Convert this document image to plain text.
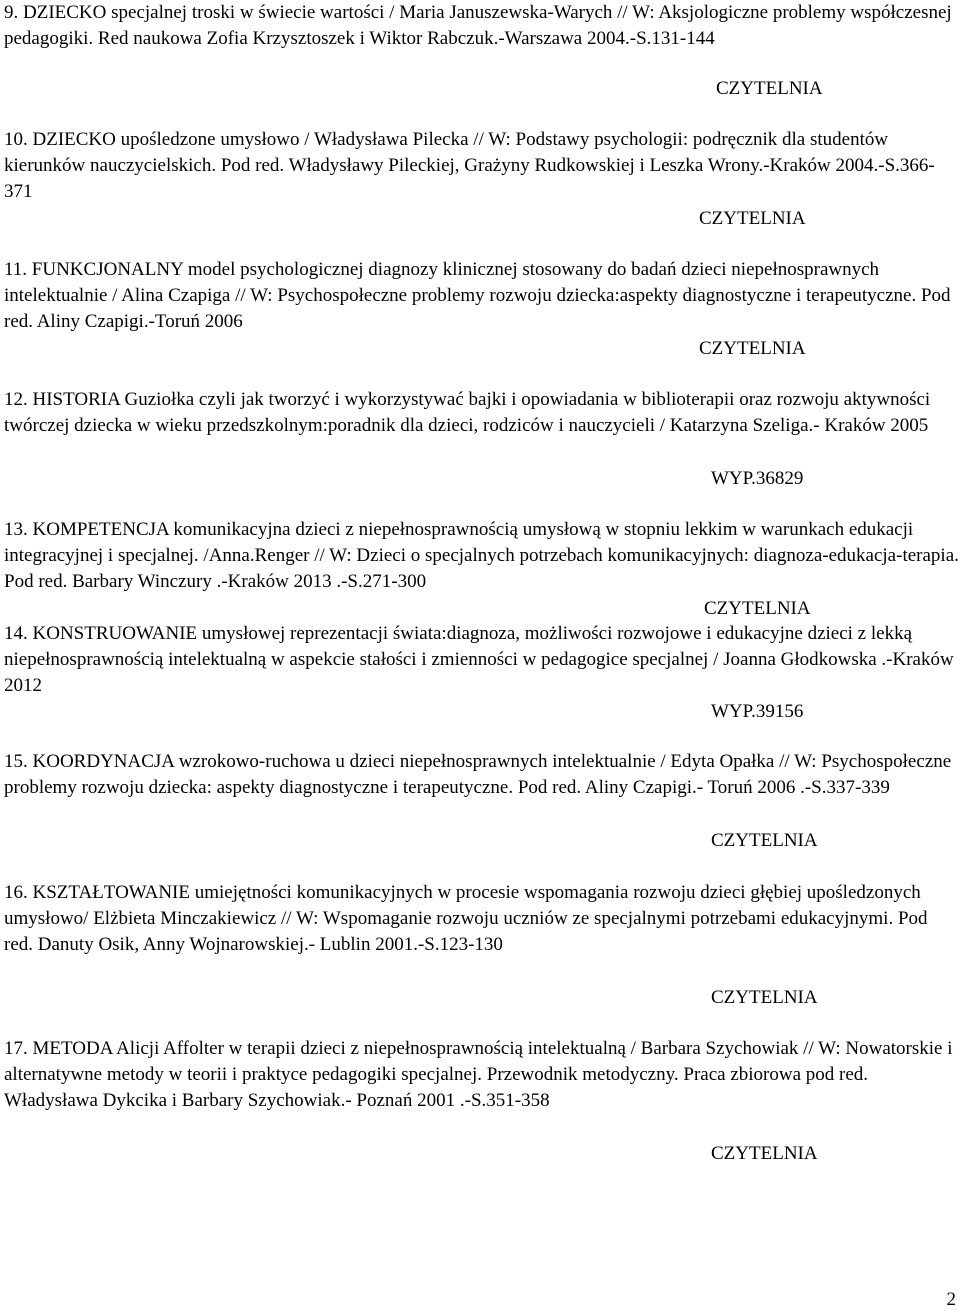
9. DZIECKO specjalnej troski w świecie wartości / Maria Januszewska-Warych // W: Aksjologiczne problemy współczesnej pedagogiki. Red naukowa Zofia Krzysztoszek i Wiktor Rabczuk.-Warszawa 2004.-S.131-144

CZYTELNIA

10. DZIECKO upośledzone umysłowo / Władysława Pilecka // W: Podstawy psychologii: podręcznik dla studentów kierunków nauczycielskich. Pod red. Władysławy Pileckiej, Grażyny Rudkowskiej i Leszka Wrony.-Kraków 2004.-S.366-371

CZYTELNIA

11. FUNKCJONALNY model psychologicznej diagnozy klinicznej stosowany do badań dzieci niepełnosprawnych intelektualnie / Alina Czapiga // W: Psychospołeczne problemy rozwoju dziecka:aspekty diagnostyczne i terapeutyczne. Pod red. Aliny Czapigi.-Toruń 2006

CZYTELNIA

12. HISTORIA Guziołka czyli jak tworzyć i wykorzystywać bajki i opowiadania w biblioterapii oraz rozwoju aktywności twórczej dziecka w wieku przedszkolnym:poradnik dla dzieci, rodziców i nauczycieli / Katarzyna Szeliga.- Kraków 2005

WYP.36829

13. KOMPETENCJA komunikacyjna dzieci z niepełnosprawnością umysłową w stopniu lekkim w warunkach edukacji integracyjnej i specjalnej. /Anna.Renger // W: Dzieci o specjalnych potrzebach komunikacyjnych: diagnoza-edukacja-terapia. Pod red. Barbary Winczury .-Kraków 2013 .-S.271-300

CZYTELNIA

14. KONSTRUOWANIE umysłowej reprezentacji świata:diagnoza, możliwości rozwojowe i edukacyjne dzieci z lekką niepełnosprawnością intelektualną w aspekcie stałości i zmienności w pedagogice specjalnej / Joanna Głodkowska .-Kraków 2012

WYP.39156

15. KOORDYNACJA wzrokowo-ruchowa u dzieci niepełnosprawnych intelektualnie / Edyta Opałka // W: Psychospołeczne problemy rozwoju dziecka: aspekty diagnostyczne i terapeutyczne. Pod red. Aliny Czapigi.- Toruń 2006 .-S.337-339

CZYTELNIA

16. KSZTAŁTOWANIE umiejętności komunikacyjnych w procesie wspomagania rozwoju dzieci głębiej upośledzonych umysłowo/ Elżbieta Minczakiewicz // W: Wspomaganie rozwoju uczniów ze specjalnymi potrzebami edukacyjnymi. Pod red. Danuty Osik, Anny Wojnarowskiej.- Lublin 2001.-S.123-130

CZYTELNIA

17. METODA Alicji Affolter w terapii dzieci z niepełnosprawnością intelektualną / Barbara Szychowiak // W: Nowatorskie i alternatywne metody w teorii i praktyce pedagogiki specjalnej. Przewodnik metodyczny. Praca zbiorowa pod red. Władysława Dykcika i Barbary Szychowiak.- Poznań 2001 .-S.351-358

CZYTELNIA

2
